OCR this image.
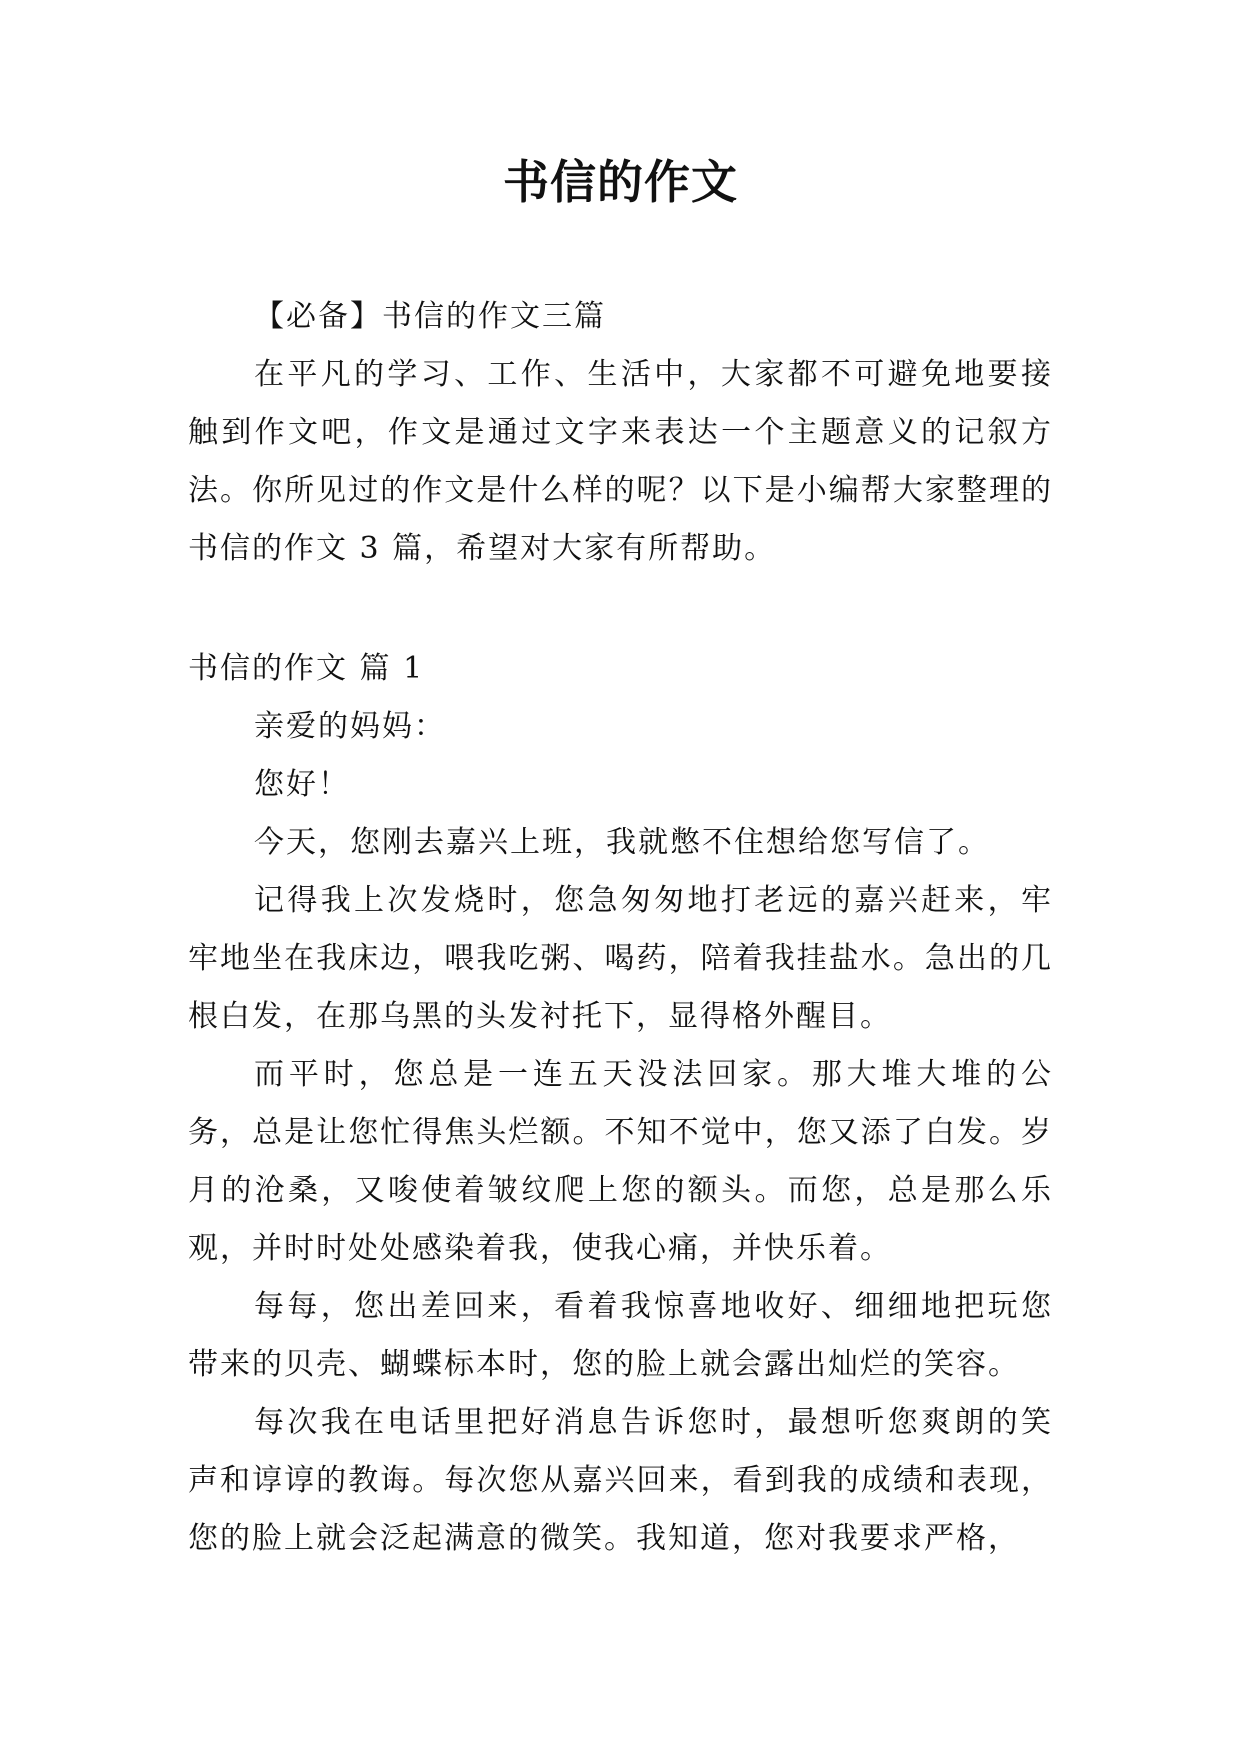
书信的作文

【必备】书信的作文三篇

在平凡的学习、工作、生活中，大家都不可避免地要接触到作文吧，作文是通过文字来表达一个主题意义的记叙方法。你所见过的作文是什么样的呢？以下是小编帮大家整理的书信的作文 3 篇，希望对大家有所帮助。

书信的作文 篇 1

亲爱的妈妈：

您好！

今天，您刚去嘉兴上班，我就憋不住想给您写信了。

记得我上次发烧时，您急匆匆地打老远的嘉兴赶来，牢牢地坐在我床边，喂我吃粥、喝药，陪着我挂盐水。急出的几根白发，在那乌黑的头发衬托下，显得格外醒目。

而平时，您总是一连五天没法回家。那大堆大堆的公务，总是让您忙得焦头烂额。不知不觉中，您又添了白发。岁月的沧桑，又唆使着皱纹爬上您的额头。而您，总是那么乐观，并时时处处感染着我，使我心痛，并快乐着。

每每，您出差回来，看着我惊喜地收好、细细地把玩您带来的贝壳、蝴蝶标本时，您的脸上就会露出灿烂的笑容。

每次我在电话里把好消息告诉您时，最想听您爽朗的笑声和谆谆的教诲。每次您从嘉兴回来，看到我的成绩和表现，您的脸上就会泛起满意的微笑。我知道，您对我要求严格，
